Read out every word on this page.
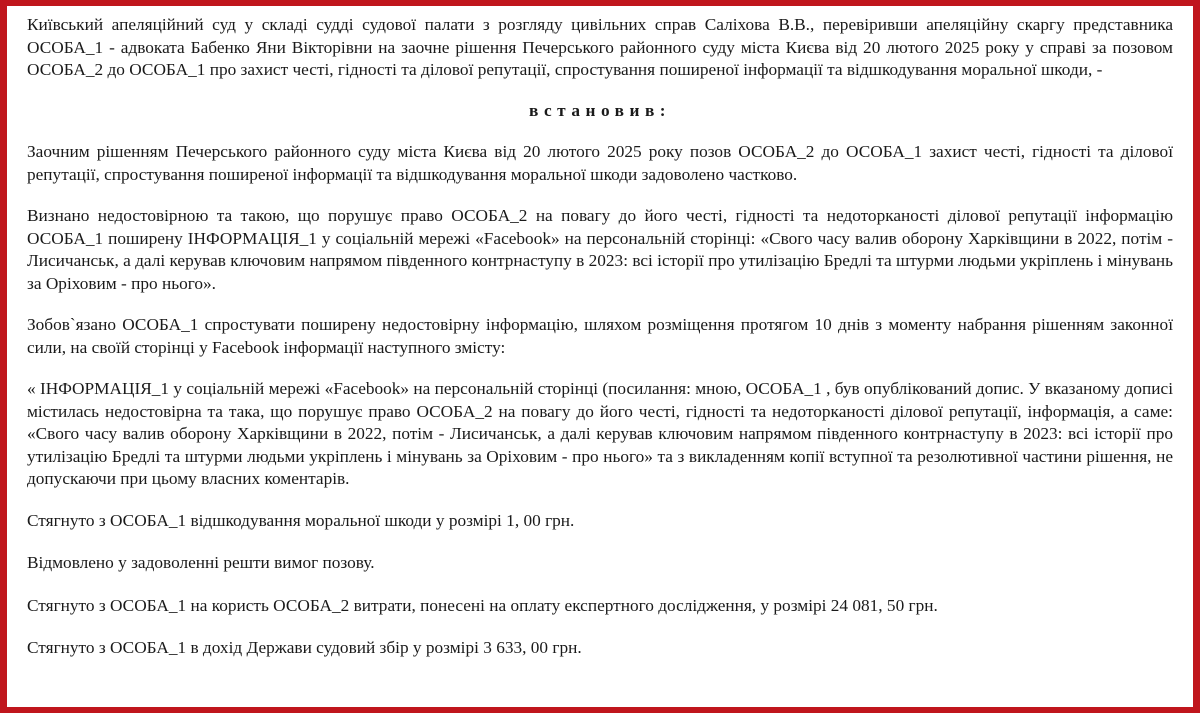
Київський апеляційний суд у складі судді судової палати з розгляду цивільних справ Саліхова В.В., перевіривши апеляційну скаргу представника ОСОБА_1 - адвоката Бабенко Яни Вікторівни на заочне рішення Печерського районного суду міста Києва від 20 лютого 2025 року у справі за позовом ОСОБА_2 до ОСОБА_1 про захист честі, гідності та ділової репутації, спростування поширеної інформації та відшкодування моральної шкоди, -

встановив:

Заочним рішенням Печерського районного суду міста Києва від 20 лютого 2025 року позов ОСОБА_2 до ОСОБА_1 захист честі, гідності та ділової репутації, спростування поширеної інформації та відшкодування моральної шкоди задоволено частково.

Визнано недостовірною та такою, що порушує право ОСОБА_2 на повагу до його честі, гідності та недоторканості ділової репутації інформацію ОСОБА_1 поширену ІНФОРМАЦІЯ_1 у соціальній мережі «Facebook» на персональній сторінці: «Свого часу валив оборону Харківщини в 2022, потім - Лисичанськ, а далі керував ключовим напрямом південного контрнаступу в 2023: всі історії про утилізацію Бредлі та штурми людьми укріплень і мінувань за Оріховим - про нього».

Зобов`язано ОСОБА_1 спростувати поширену недостовірну інформацію, шляхом розміщення протягом 10 днів з моменту набрання рішенням законної сили, на своїй сторінці у Facebook інформації наступного змісту:

« ІНФОРМАЦІЯ_1 у соціальній мережі «Facebook» на персональній сторінці (посилання: мною, ОСОБА_1 , був опублікований допис. У вказаному дописі містилась недостовірна та така, що порушує право ОСОБА_2 на повагу до його честі, гідності та недоторканості ділової репутації, інформація, а саме: «Свого часу валив оборону Харківщини в 2022, потім - Лисичанськ, а далі керував ключовим напрямом південного контрнаступу в 2023: всі історії про утилізацію Бредлі та штурми людьми укріплень і мінувань за Оріховим - про нього» та з викладенням копії вступної та резолютивної частини рішення, не допускаючи при цьому власних коментарів.

Стягнуто з ОСОБА_1 відшкодування моральної шкоди у розмірі 1, 00 грн.

Відмовлено у задоволенні решти вимог позову.

Стягнуто з ОСОБА_1 на користь ОСОБА_2 витрати, понесені на оплату експертного дослідження, у розмірі 24 081, 50 грн.

Стягнуто з ОСОБА_1 в дохід Держави судовий збір у розмірі 3 633, 00 грн.
